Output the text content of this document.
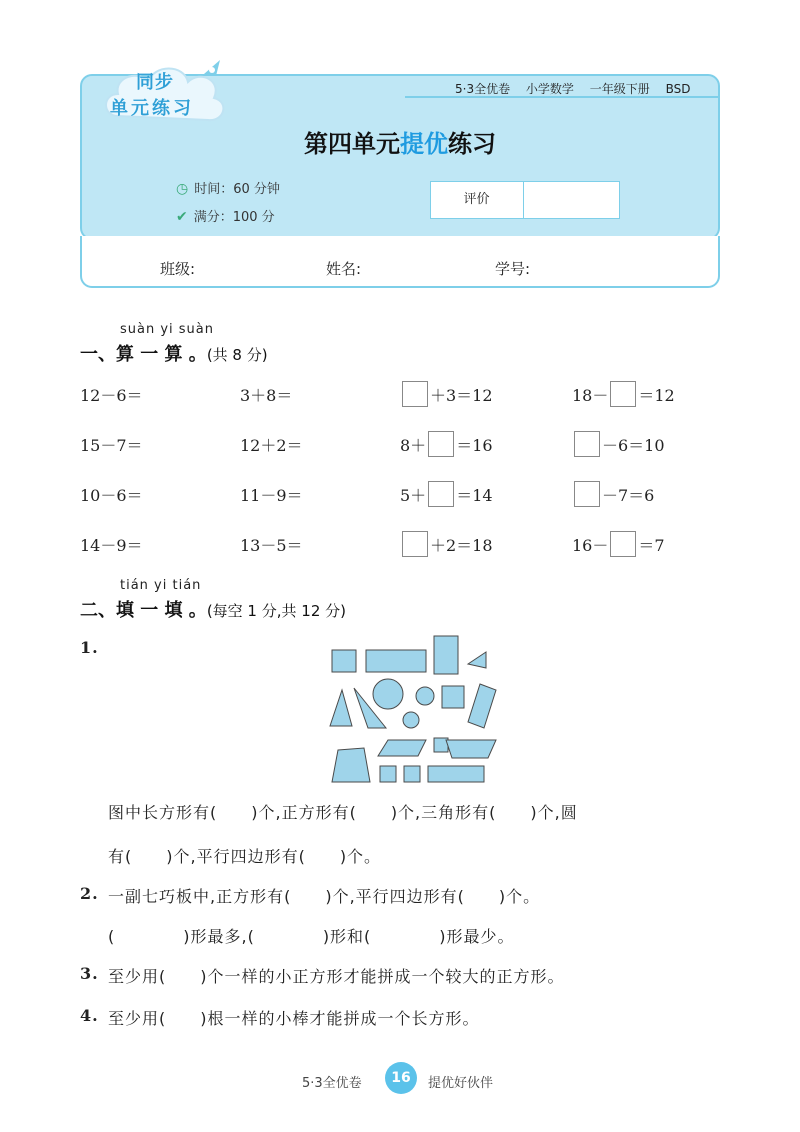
同步
单元练习
5·3全优卷 小学数学 一年级下册 BSD
第四单元提优练习
◷ 时间：60 分钟
✔ 满分：100 分
评价
班级:	姓名:	学号:
suàn yi suàn
一、算 一 算 。(共 8 分)
12－6＝	3＋8＝	＋3＝12	18－ ＝12
15－7＝	12＋2＝	8＋ ＝16	－6＝10
10－6＝	11－9＝	5＋ ＝14	－7＝6
14－9＝	13－5＝	＋2＝18	16－ ＝7
tián yi tián
二、填 一 填 。(每空 1 分,共 12 分)
1.
图中长方形有(　　)个,正方形有(　　)个,三角形有(　　)个,圆
有(　　)个,平行四边形有(　　)个。
2. 一副七巧板中,正方形有(　　)个,平行四边形有(　　)个。
(　　　　)形最多,(　　　　)形和(　　　　)形最少。
3. 至少用(　　)个一样的小正方形才能拼成一个较大的正方形。
4. 至少用(　　)根一样的小棒才能拼成一个长方形。
5·3全优卷	16	提优好伙伴
